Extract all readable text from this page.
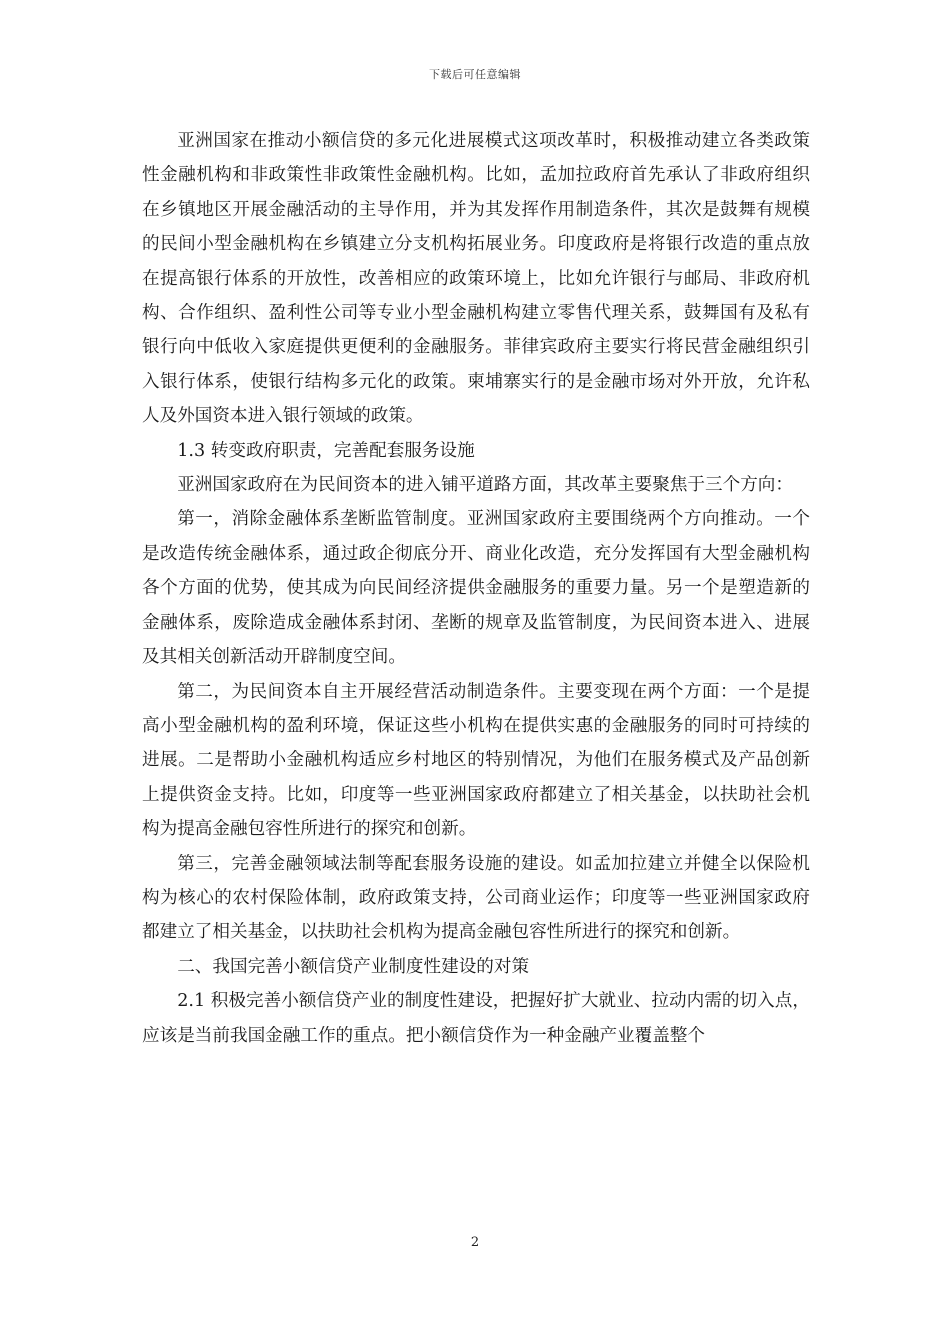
下载后可任意编辑

亚洲国家在推动小额信贷的多元化进展模式这项改革时，积极推动建立各类政策性金融机构和非政策性非政策性金融机构。比如，孟加拉政府首先承认了非政府组织在乡镇地区开展金融活动的主导作用，并为其发挥作用制造条件，其次是鼓舞有规模的民间小型金融机构在乡镇建立分支机构拓展业务。印度政府是将银行改造的重点放在提高银行体系的开放性，改善相应的政策环境上，比如允许银行与邮局、非政府机构、合作组织、盈利性公司等专业小型金融机构建立零售代理关系，鼓舞国有及私有银行向中低收入家庭提供更便利的金融服务。菲律宾政府主要实行将民营金融组织引入银行体系，使银行结构多元化的政策。柬埔寨实行的是金融市场对外开放，允许私人及外国资本进入银行领域的政策。

1.3 转变政府职责，完善配套服务设施

亚洲国家政府在为民间资本的进入铺平道路方面，其改革主要聚焦于三个方向：

第一，消除金融体系垄断监管制度。亚洲国家政府主要围绕两个方向推动。一个是改造传统金融体系，通过政企彻底分开、商业化改造，充分发挥国有大型金融机构各个方面的优势，使其成为向民间经济提供金融服务的重要力量。另一个是塑造新的金融体系，废除造成金融体系封闭、垄断的规章及监管制度，为民间资本进入、进展及其相关创新活动开辟制度空间。

第二，为民间资本自主开展经营活动制造条件。主要变现在两个方面：一个是提高小型金融机构的盈利环境，保证这些小机构在提供实惠的金融服务的同时可持续的进展。二是帮助小金融机构适应乡村地区的特别情况，为他们在服务模式及产品创新上提供资金支持。比如，印度等一些亚洲国家政府都建立了相关基金，以扶助社会机构为提高金融包容性所进行的探究和创新。

第三，完善金融领域法制等配套服务设施的建设。如孟加拉建立并健全以保险机构为核心的农村保险体制，政府政策支持，公司商业运作；印度等一些亚洲国家政府都建立了相关基金，以扶助社会机构为提高金融包容性所进行的探究和创新。

二、我国完善小额信贷产业制度性建设的对策

2.1 积极完善小额信贷产业的制度性建设，把握好扩大就业、拉动内需的切入点，应该是当前我国金融工作的重点。把小额信贷作为一种金融产业覆盖整个

2
